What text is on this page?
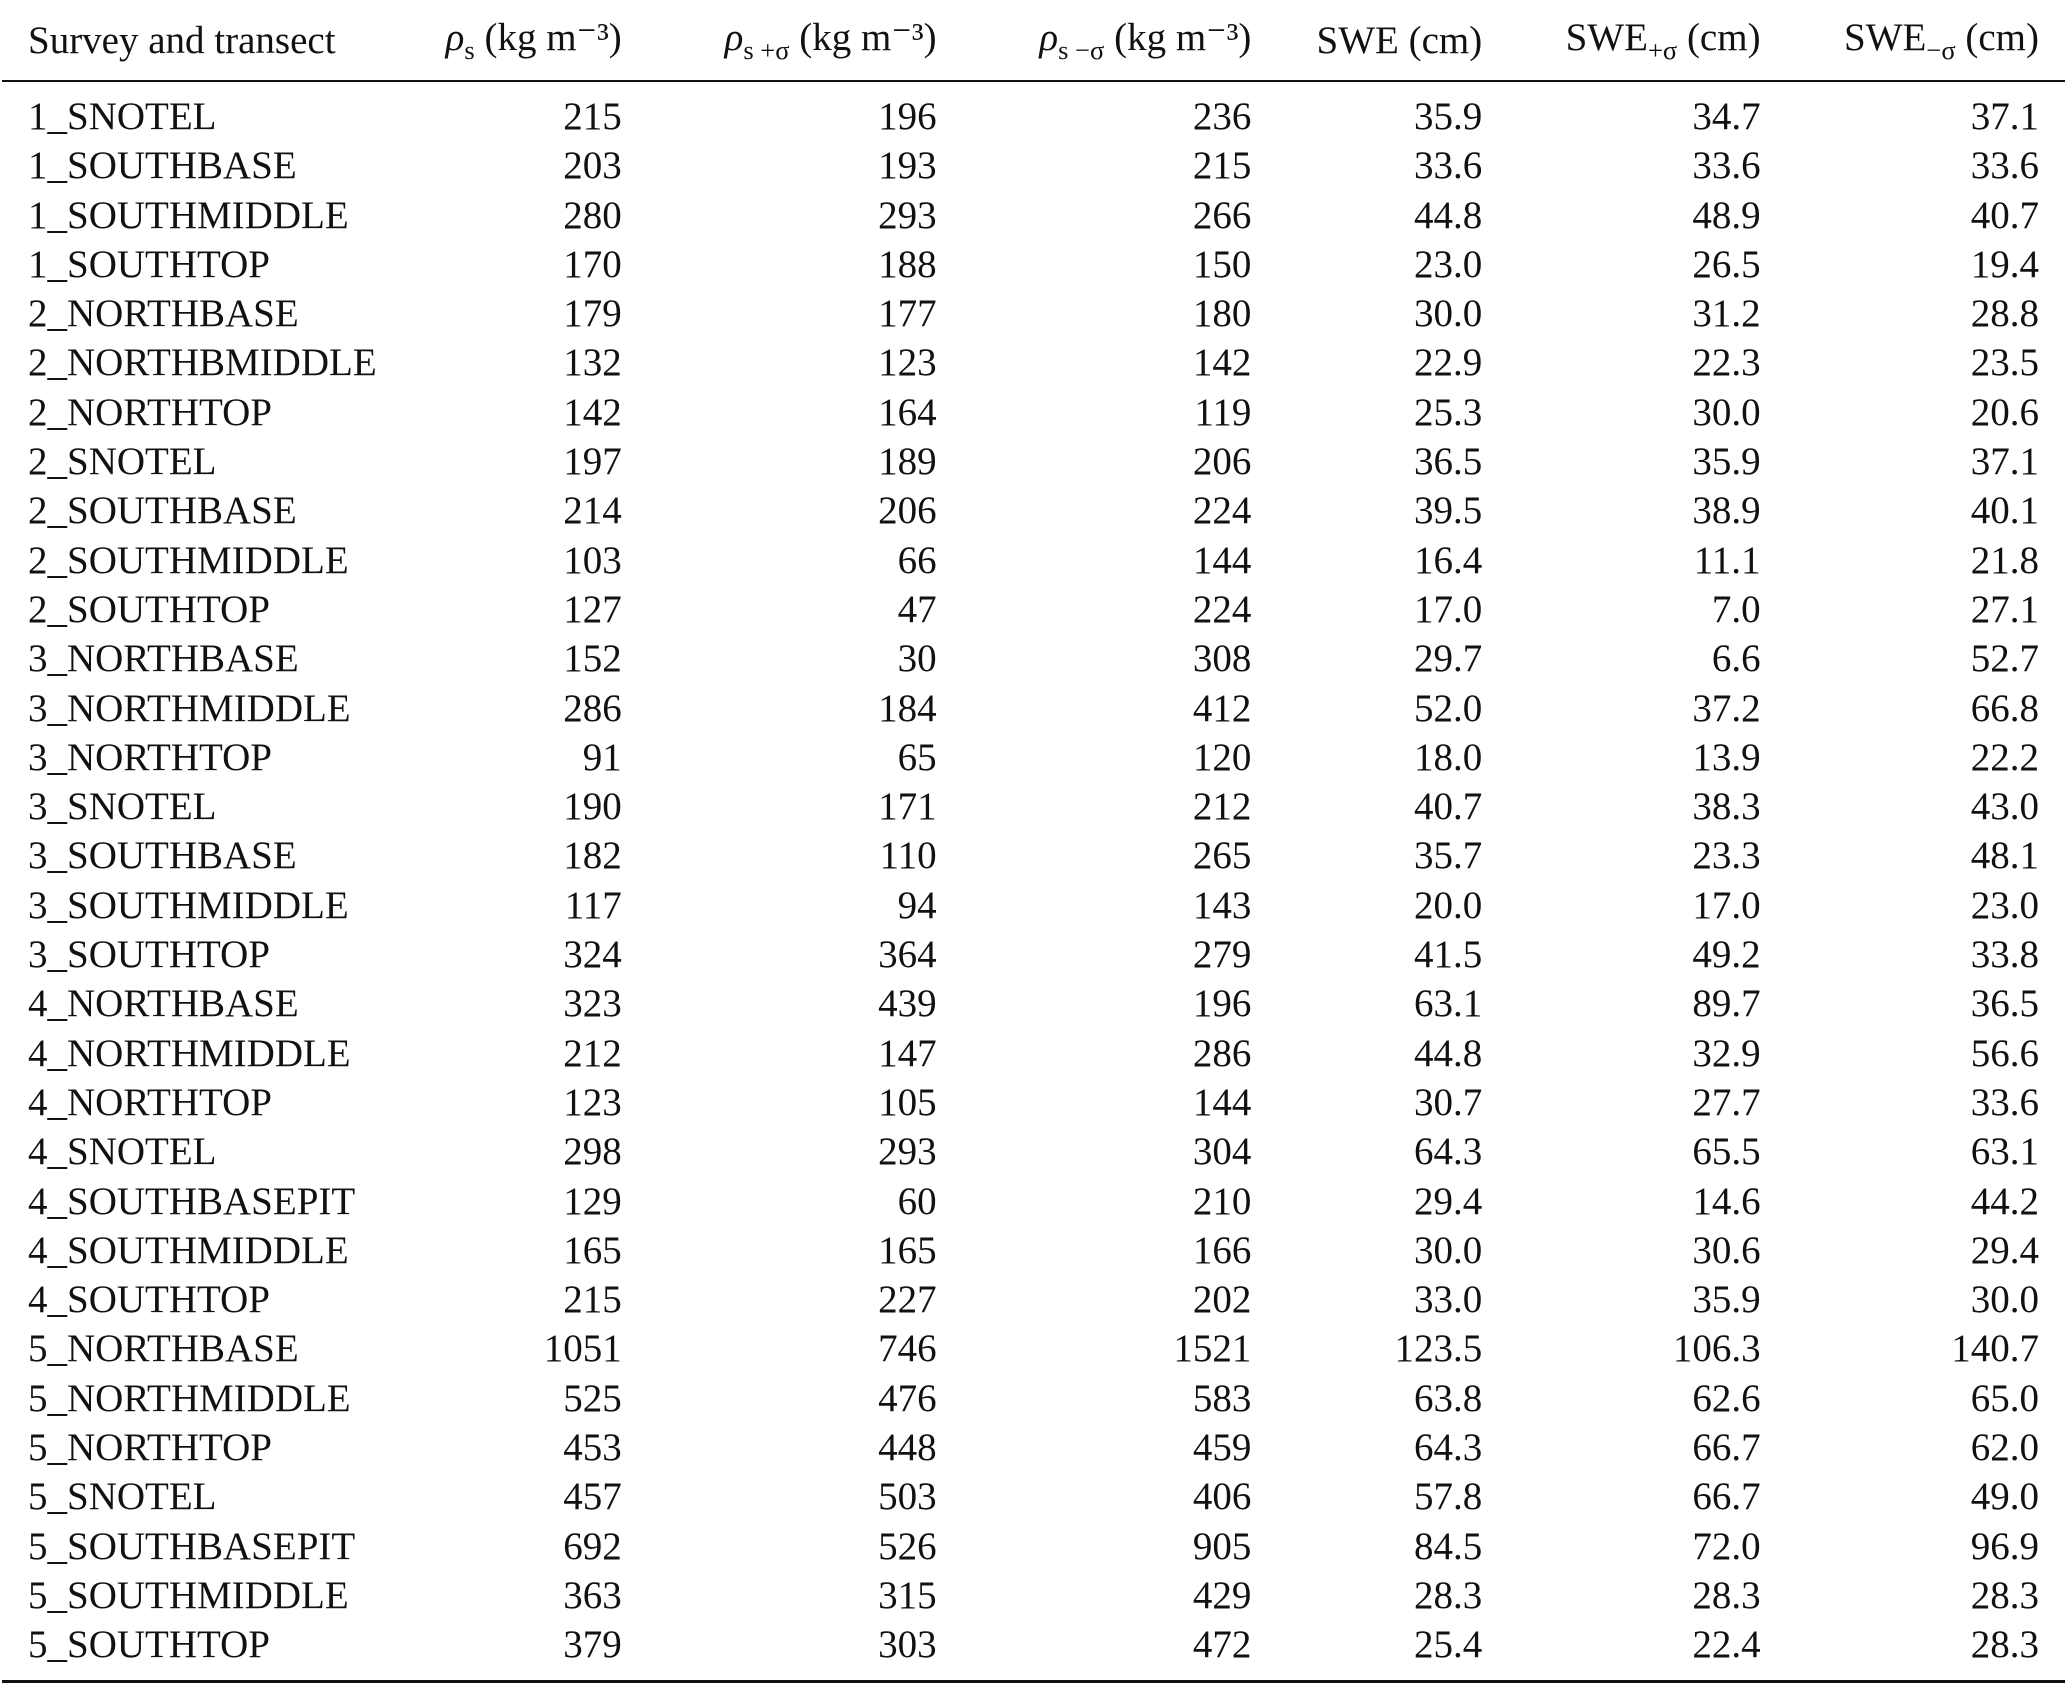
Survey and transect	$\rho_s$ (kg m⁻³)	$\rho_{s +\sigma}$ (kg m⁻³)	$\rho_{s -\sigma}$ (kg m⁻³)	SWE (cm)	$SWE_{+\sigma}$ (cm)	$SWE_{-\sigma}$ (cm)
1_SNOTEL	215	196	236	35.9	34.7	37.1
1_SOUTHBASE	203	193	215	33.6	33.6	33.6
1_SOUTHMIDDLE	280	293	266	44.8	48.9	40.7
1_SOUTHTOP	170	188	150	23.0	26.5	19.4
2_NORTHBASE	179	177	180	30.0	31.2	28.8
2_NORTHBMIDDLE	132	123	142	22.9	22.3	23.5
2_NORTHTOP	142	164	119	25.3	30.0	20.6
2_SNOTEL	197	189	206	36.5	35.9	37.1
2_SOUTHBASE	214	206	224	39.5	38.9	40.1
2_SOUTHMIDDLE	103	66	144	16.4	11.1	21.8
2_SOUTHTOP	127	47	224	17.0	7.0	27.1
3_NORTHBASE	152	30	308	29.7	6.6	52.7
3_NORTHMIDDLE	286	184	412	52.0	37.2	66.8
3_NORTHTOP	91	65	120	18.0	13.9	22.2
3_SNOTEL	190	171	212	40.7	38.3	43.0
3_SOUTHBASE	182	110	265	35.7	23.3	48.1
3_SOUTHMIDDLE	117	94	143	20.0	17.0	23.0
3_SOUTHTOP	324	364	279	41.5	49.2	33.8
4_NORTHBASE	323	439	196	63.1	89.7	36.5
4_NORTHMIDDLE	212	147	286	44.8	32.9	56.6
4_NORTHTOP	123	105	144	30.7	27.7	33.6
4_SNOTEL	298	293	304	64.3	65.5	63.1
4_SOUTHBASEPIT	129	60	210	29.4	14.6	44.2
4_SOUTHMIDDLE	165	165	166	30.0	30.6	29.4
4_SOUTHTOP	215	227	202	33.0	35.9	30.0
5_NORTHBASE	1051	746	1521	123.5	106.3	140.7
5_NORTHMIDDLE	525	476	583	63.8	62.6	65.0
5_NORTHTOP	453	448	459	64.3	66.7	62.0
5_SNOTEL	457	503	406	57.8	66.7	49.0
5_SOUTHBASEPIT	692	526	905	84.5	72.0	96.9
5_SOUTHMIDDLE	363	315	429	28.3	28.3	28.3
5_SOUTHTOP	379	303	472	25.4	22.4	28.3
